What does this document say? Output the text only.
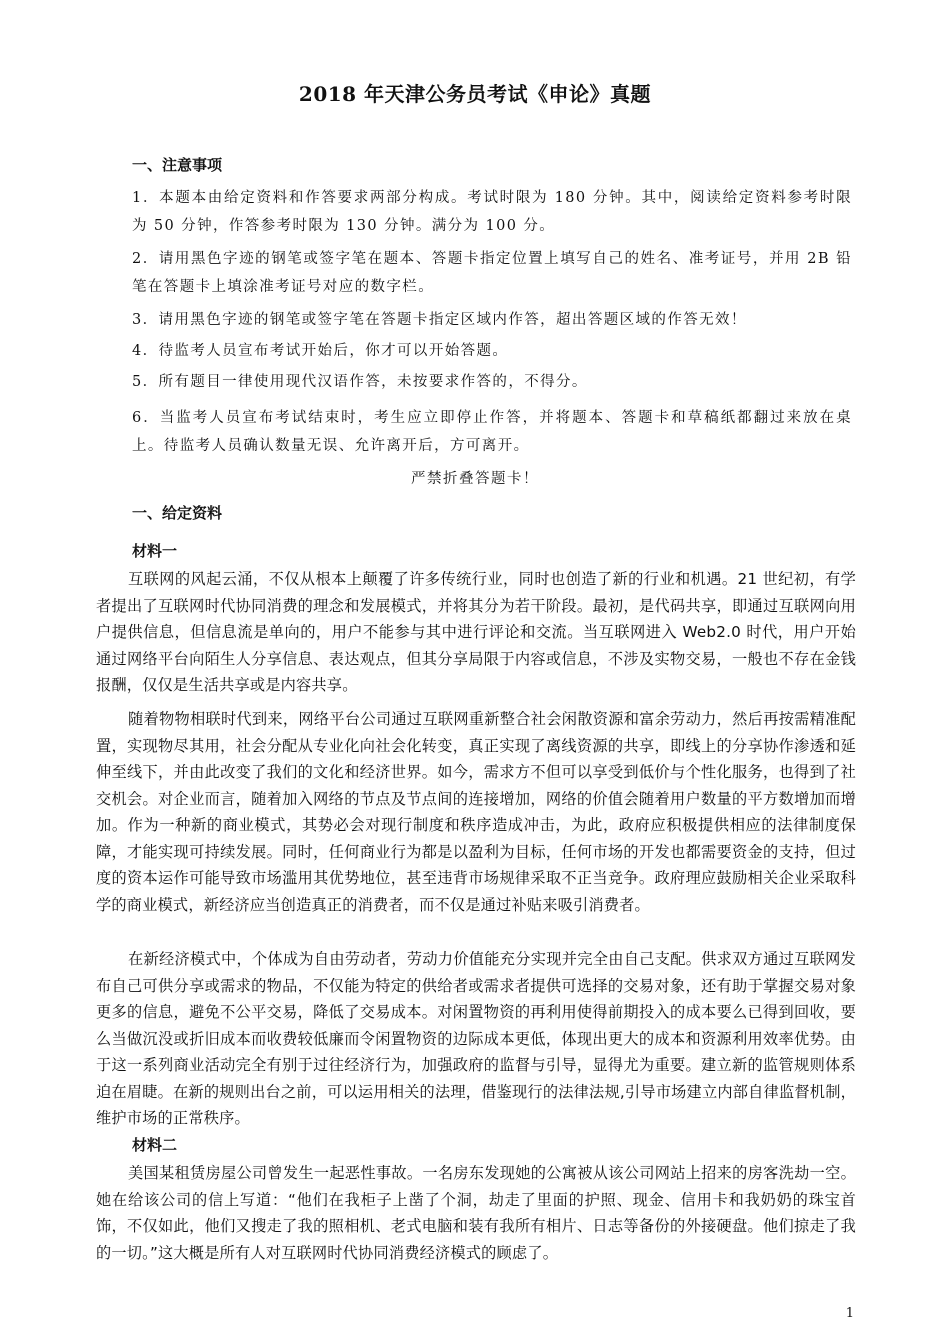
2018 年天津公务员考试《申论》真题
一、注意事项

1．本题本由给定资料和作答要求两部分构成。考试时限为 180 分钟。其中，阅读给定资料参考时限为 50 分钟，作答参考时限为 130 分钟。满分为 100 分。

2．请用黑色字迹的钢笔或签字笔在题本、答题卡指定位置上填写自己的姓名、准考证号，并用 2B 铅笔在答题卡上填涂准考证号对应的数字栏。

3．请用黑色字迹的钢笔或签字笔在答题卡指定区域内作答，超出答题区域的作答无效！

4．待监考人员宣布考试开始后，你才可以开始答题。

5．所有题目一律使用现代汉语作答，未按要求作答的，不得分。

6．当监考人员宣布考试结束时，考生应立即停止作答，并将题本、答题卡和草稿纸都翻过来放在桌上。待监考人员确认数量无误、允许离开后，方可离开。

严禁折叠答题卡！
一、给定资料
材料一

互联网的风起云涌，不仅从根本上颠覆了许多传统行业，同时也创造了新的行业和机遇。21 世纪初，有学者提出了互联网时代协同消费的理念和发展模式，并将其分为若干阶段。最初，是代码共享，即通过互联网向用户提供信息，但信息流是单向的，用户不能参与其中进行评论和交流。当互联网进入 Web2.0 时代，用户开始通过网络平台向陌生人分享信息、表达观点，但其分享局限于内容或信息，不涉及实物交易，一般也不存在金钱报酬，仅仅是生活共享或是内容共享。

随着物物相联时代到来，网络平台公司通过互联网重新整合社会闲散资源和富余劳动力，然后再按需精准配置，实现物尽其用，社会分配从专业化向社会化转变，真正实现了离线资源的共享，即线上的分享协作渗透和延伸至线下，并由此改变了我们的文化和经济世界。如今，需求方不但可以享受到低价与个性化服务，也得到了社交机会。对企业而言，随着加入网络的节点及节点间的连接增加，网络的价值会随着用户数量的平方数增加而增加。作为一种新的商业模式，其势必会对现行制度和秩序造成冲击，为此，政府应积极提供相应的法律制度保障，才能实现可持续发展。同时，任何商业行为都是以盈利为目标，任何市场的开发也都需要资金的支持，但过度的资本运作可能导致市场滥用其优势地位，甚至违背市场规律采取不正当竞争。政府理应鼓励相关企业采取科学的商业模式，新经济应当创造真正的消费者，而不仅是通过补贴来吸引消费者。

在新经济模式中，个体成为自由劳动者，劳动力价值能充分实现并完全由自己支配。供求双方通过互联网发布自己可供分享或需求的物品，不仅能为特定的供给者或需求者提供可选择的交易对象，还有助于掌握交易对象更多的信息，避免不公平交易，降低了交易成本。对闲置物资的再利用使得前期投入的成本要么已得到回收，要么当做沉没或折旧成本而收费较低廉而令闲置物资的边际成本更低，体现出更大的成本和资源利用效率优势。由于这一系列商业活动完全有别于过往经济行为，加强政府的监督与引导，显得尤为重要。建立新的监管规则体系迫在眉睫。在新的规则出台之前，可以运用相关的法理，借鉴现行的法律法规,引导市场建立内部自律监督机制，维护市场的正常秩序。

材料二

美国某租赁房屋公司曾发生一起恶性事故。一名房东发现她的公寓被从该公司网站上招来的房客洗劫一空。她在给该公司的信上写道：“他们在我柜子上凿了个洞，劫走了里面的护照、现金、信用卡和我奶奶的珠宝首饰，不仅如此，他们又搜走了我的照相机、老式电脑和装有我所有相片、日志等备份的外接硬盘。他们掠走了我的一切。”这大概是所有人对互联网时代协同消费经济模式的顾虑了。

1
